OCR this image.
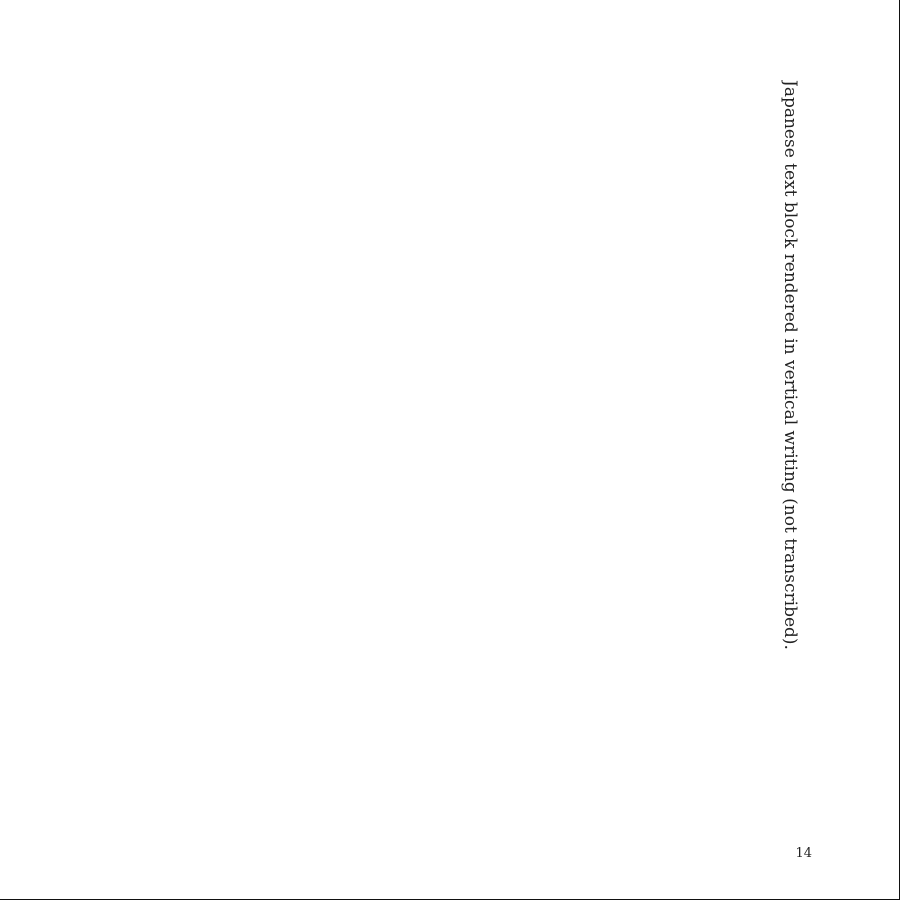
Japanese text block rendered in vertical writing (not transcribed).

14
